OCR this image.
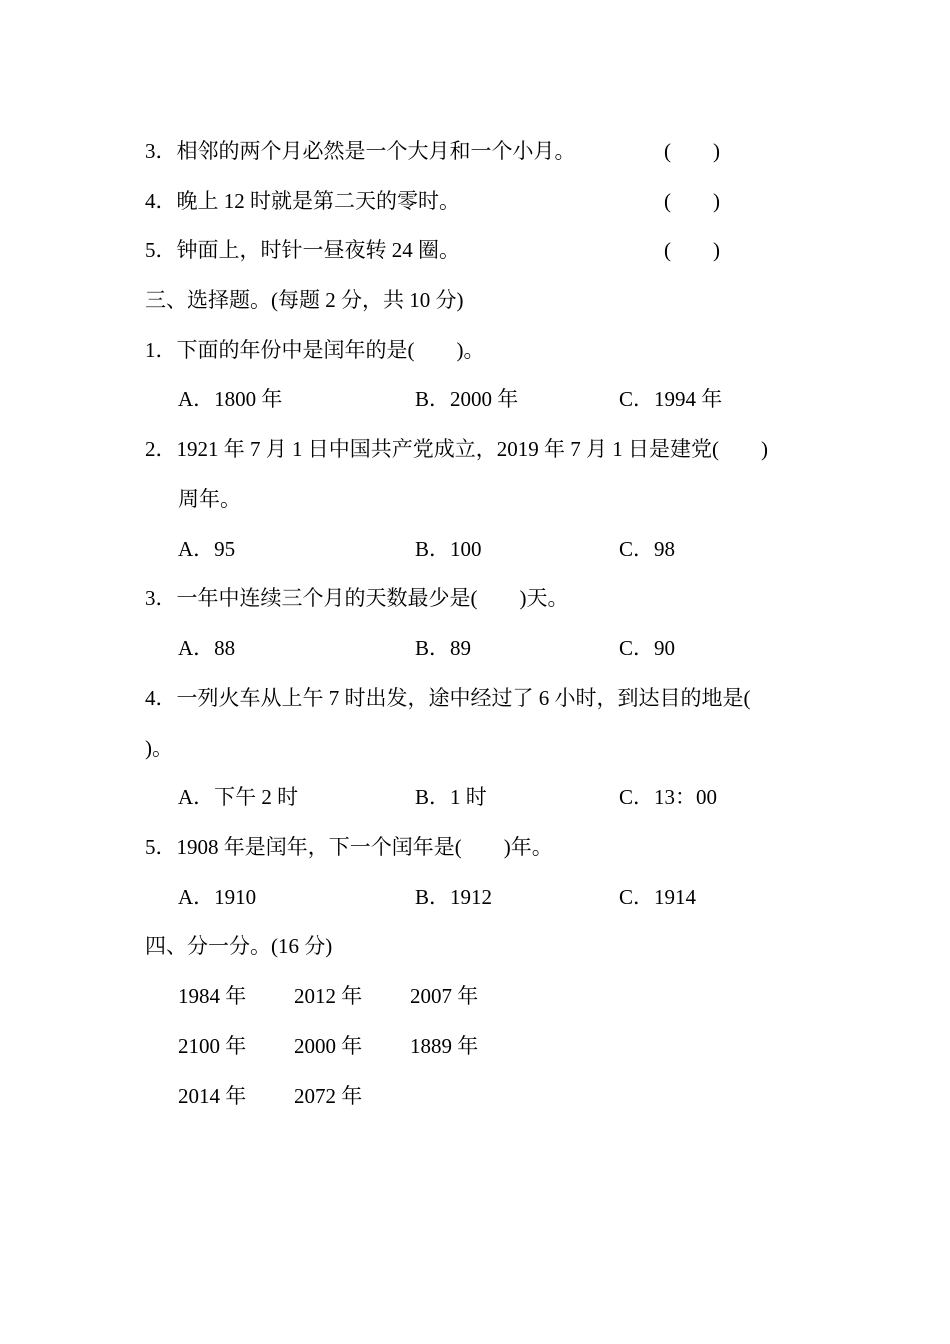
3．相邻的两个月必然是一个大月和一个小月。	(　　)
4．晚上 12 时就是第二天的零时。	(　　)
5．钟面上，时针一昼夜转 24 圈。	(　　)
三、选择题。(每题 2 分，共 10 分)
1．下面的年份中是闰年的是(　　)。
A．1800 年	B．2000 年	C．1994 年
2．1921 年 7 月 1 日中国共产党成立，2019 年 7 月 1 日是建党(　　)
周年。
A．95	B．100	C．98
3．一年中连续三个月的天数最少是(　　)天。
A．88	B．89	C．90
4．一列火车从上午 7 时出发，途中经过了 6 小时，到达目的地是(
)。
A．下午 2 时	B．1 时	C．13：00
5．1908 年是闰年，下一个闰年是(　　)年。
A．1910	B．1912	C．1914
四、分一分。(16 分)
1984 年 2012 年 2007 年
2100 年 2000 年 1889 年
2014 年 2072 年
